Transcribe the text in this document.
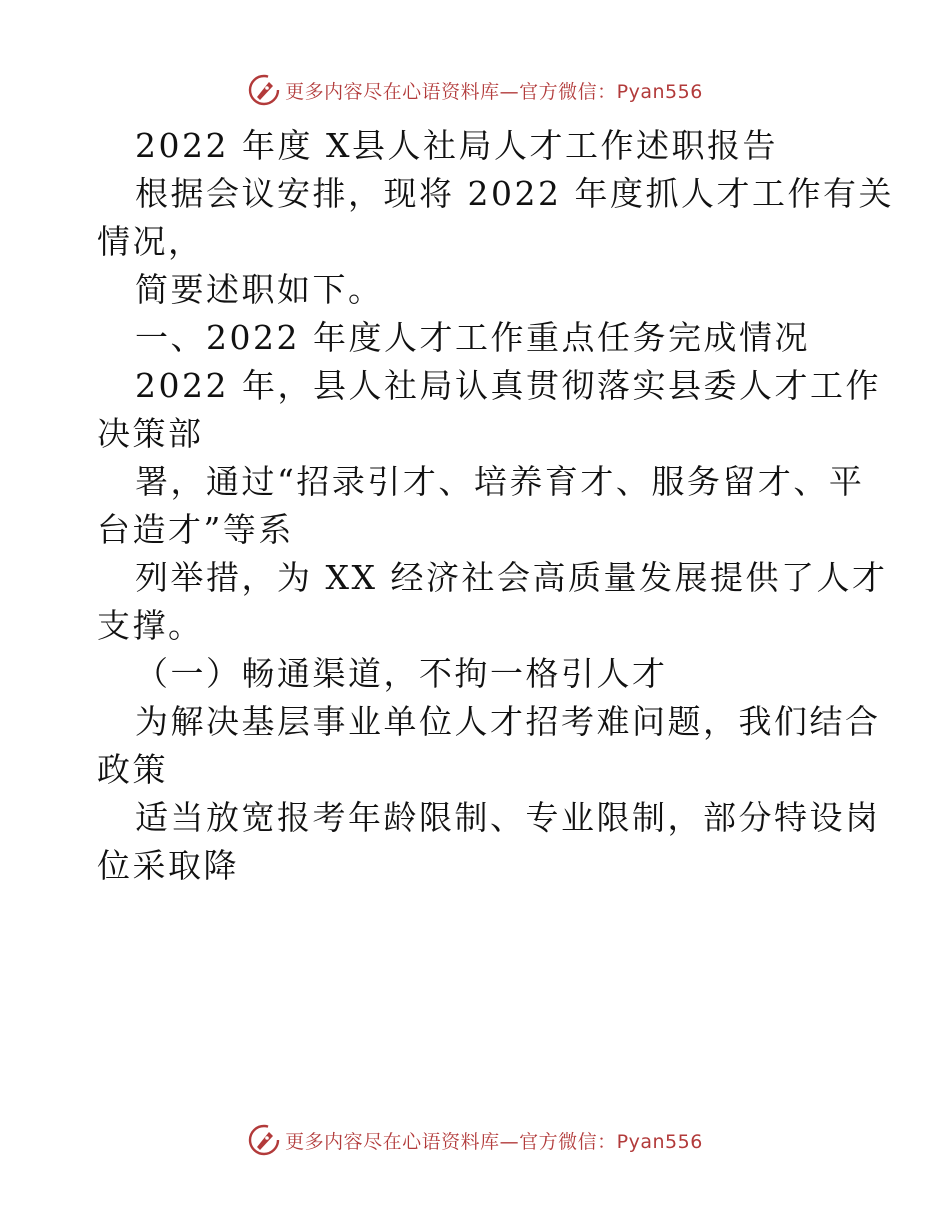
更多内容尽在心语资料库—官方微信：Pyan556
2022 年度 X县人社局人才工作述职报告
根据会议安排，现将 2022 年度抓人才工作有关
情况，
简要述职如下。
一、2022 年度人才工作重点任务完成情况
2022 年，县人社局认真贯彻落实县委人才工作
决策部
署，通过“招录引才、培养育才、服务留才、平
台造才”等系
列举措，为 XX 经济社会高质量发展提供了人才
支撑。
（一）畅通渠道，不拘一格引人才
为解决基层事业单位人才招考难问题，我们结合
政策
适当放宽报考年龄限制、专业限制，部分特设岗
位采取降
更多内容尽在心语资料库—官方微信：Pyan556
